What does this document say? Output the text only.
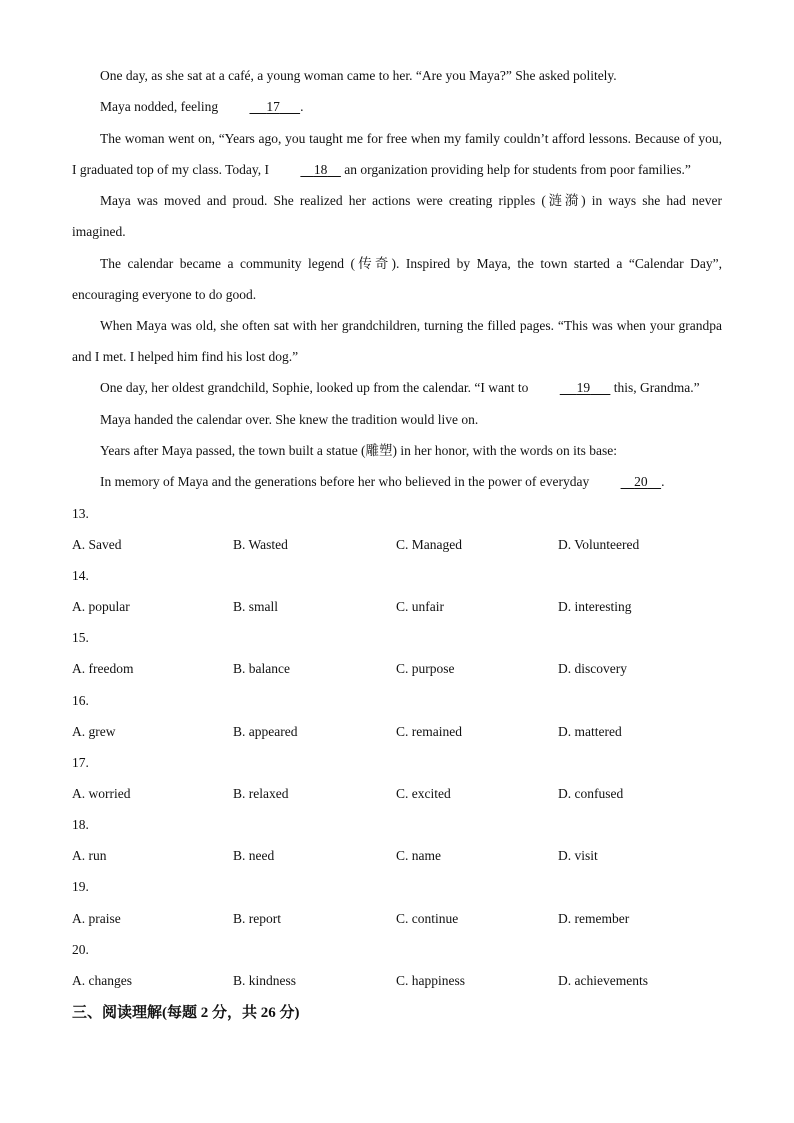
One day, as she sat at a café, a young woman came to her. “Are you Maya?” She asked politely.

Maya nodded, feeling	17 .

The woman went on, “Years ago, you taught me for free when my family couldn’t afford lessons. Because of you, I graduated top of my class. Today, I	18     an organization providing help for students from poor families.”

Maya was moved and proud. She realized her actions were creating ripples (涟漪) in ways she had never imagined.

The calendar became a community legend (传奇). Inspired by Maya, the town started a “Calendar Day”, encouraging everyone to do good.

When Maya was old, she often sat with her grandchildren, turning the filled pages. “This was when your grandpa and I met. I helped him find his lost dog.”

One day, her oldest grandchild, Sophie, looked up from the calendar. “I want to	19       this, Grandma.”

Maya handed the calendar over. She knew the tradition would live on.

Years after Maya passed, the town built a statue (雕塑) in her honor, with the words on its base:

In memory of Maya and the generations before her who believed in the power of everyday	20 .

13.
A. Saved	B. Wasted	C. Managed	D. Volunteered
14.
A. popular	B. small	C. unfair	D. interesting
15.
A. freedom	B. balance	C. purpose	D. discovery
16.
A. grew	B. appeared	C. remained	D. mattered
17.
A. worried	B. relaxed	C. excited	D. confused
18.
A. run	B. need	C. name	D. visit
19.
A. praise	B. report	C. continue	D. remember
20.
A. changes	B. kindness	C. happiness	D. achievements
三、阅读理解(每题 2 分，共 26 分)
